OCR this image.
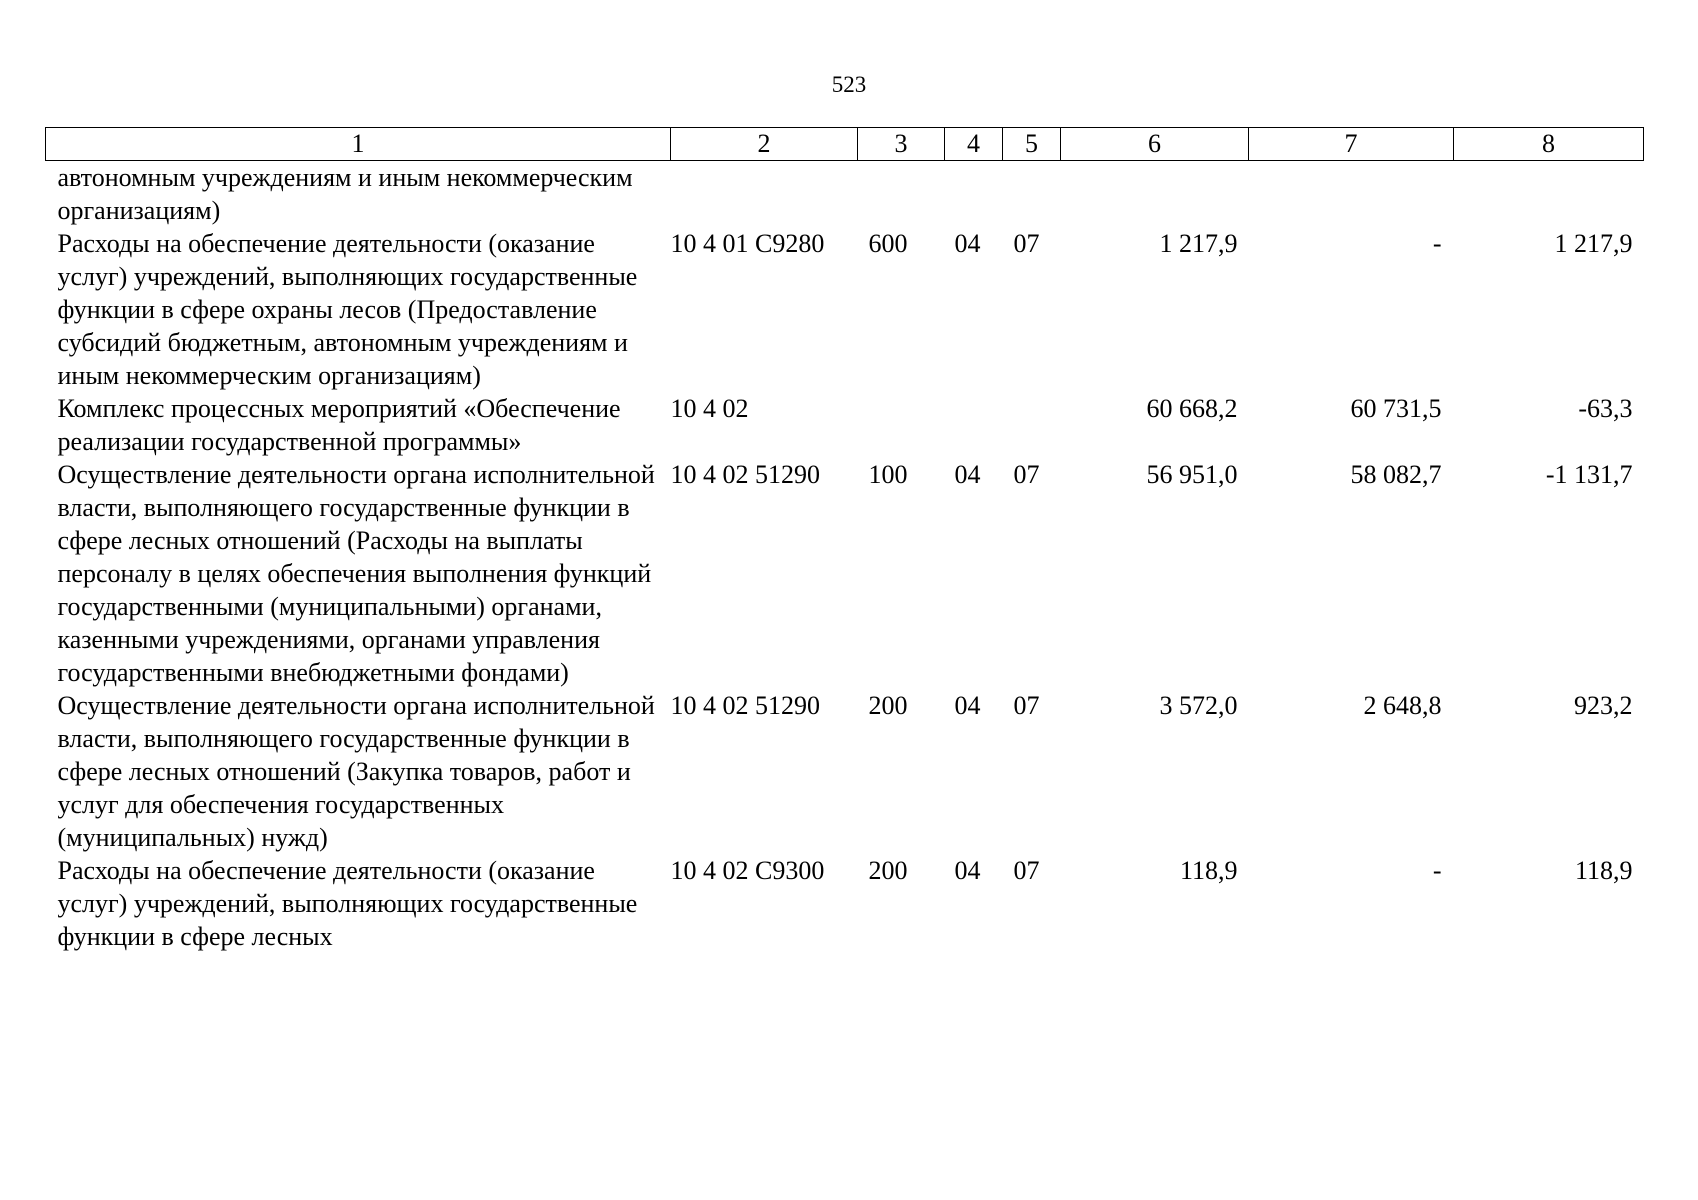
523
1	2	3	4	5	6	7	8
автономным учреждениям и иным некоммерческим организациям)							
Расходы на обеспечение деятельности (оказание услуг) учреждений, выполняющих государственные функции в сфере охраны лесов (Предоставление субсидий бюджетным, автономным учреждениям и иным некоммерческим организациям)	10 4 01 С9280	600	04	07	1 217,9	-	1 217,9
Комплекс процессных мероприятий «Обеспечение реализации государственной программы»	10 4 02				60 668,2	60 731,5	-63,3
Осуществление деятельности органа исполнительной власти, выполняющего государственные функции в сфере лесных отношений (Расходы на выплаты персоналу в целях обеспечения выполнения функций государственными (муниципальными) органами, казенными учреждениями, органами управления государственными внебюджетными фондами)	10 4 02 51290	100	04	07	56 951,0	58 082,7	-1 131,7
Осуществление деятельности органа исполнительной власти, выполняющего государственные функции в сфере лесных отношений (Закупка товаров, работ и услуг для обеспечения государственных (муниципальных) нужд)	10 4 02 51290	200	04	07	3 572,0	2 648,8	923,2
Расходы на обеспечение деятельности (оказание услуг) учреждений, выполняющих государственные функции в сфере лесных	10 4 02 С9300	200	04	07	118,9	-	118,9
